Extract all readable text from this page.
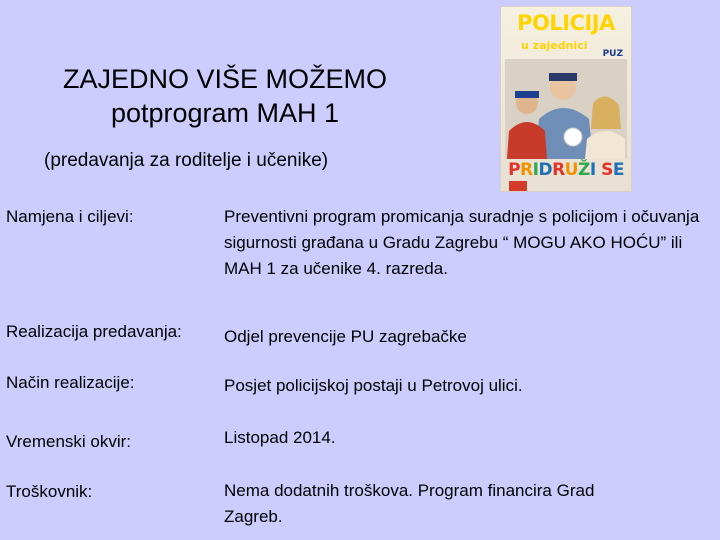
ZAJEDNO VIŠE MOŽEMO
potprogram MAH 1
(predavanja za roditelje i učenike)
POLICIJA
u zajednici
PUZ
PRIDRUŽI SE
Namjena i ciljevi:	Preventivni program promicanja suradnje s policijom i očuvanja sigurnosti građana u Gradu Zagrebu “ MOGU AKO HOĆU” ili MAH 1 za učenike 4. razreda.
Realizacija predavanja: Odjel prevencije PU zagrebačke
Način realizacije:	Posjet policijskoj postaji u Petrovoj ulici.
Vremenski okvir:	Listopad 2014.
Troškovnik:	Nema dodatnih troškova. Program financira Grad Zagreb.
